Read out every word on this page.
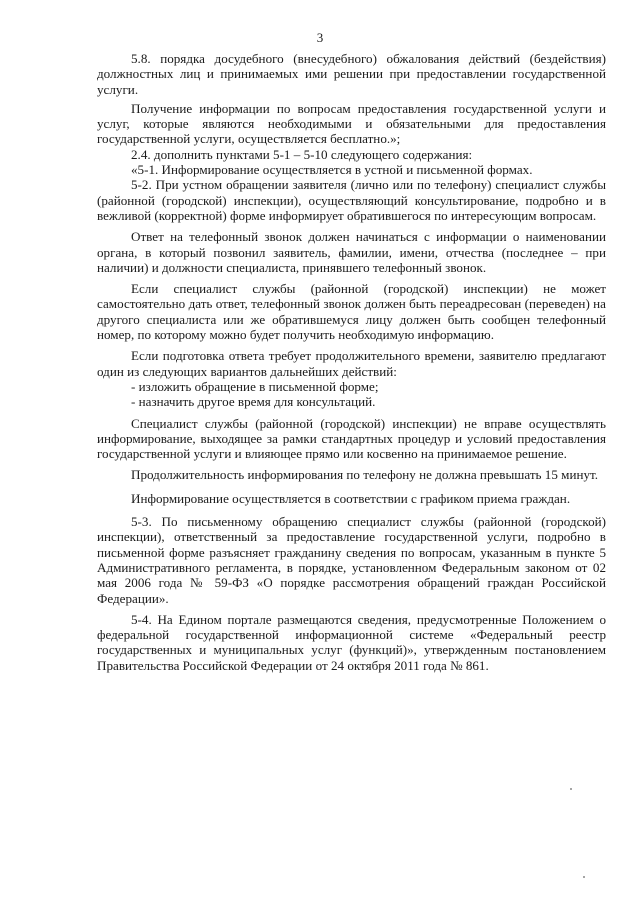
3

5.8. порядка досудебного (внесудебного) обжалования действий (бездействия) должностных лиц и принимаемых ими решении при предоставлении государственной услуги.

Получение информации по вопросам предоставления государственной услуги и услуг, которые являются необходимыми и обязательными для предоставления государственной услуги, осуществляется бесплатно.»;

2.4. дополнить пунктами 5-1 – 5-10 следующего содержания:

«5-1. Информирование осуществляется в устной и письменной формах.

5-2. При устном обращении заявителя (лично или по телефону) специалист службы (районной (городской) инспекции), осуществляющий консультирование, подробно и в вежливой (корректной) форме информирует обратившегося по интересующим вопросам.

Ответ на телефонный звонок должен начинаться с информации о наименовании органа, в который позвонил заявитель, фамилии, имени, отчества (последнее – при наличии) и должности специалиста, принявшего телефонный звонок.

Если специалист службы (районной (городской) инспекции) не может самостоятельно дать ответ, телефонный звонок должен быть переадресован (переведен) на другого специалиста или же обратившемуся лицу должен быть сообщен телефонный номер, по которому можно будет получить необходимую информацию.

Если подготовка ответа требует продолжительного времени, заявителю предлагают один из следующих вариантов дальнейших действий:

- изложить обращение в письменной форме;

- назначить другое время для консультаций.

Специалист службы (районной (городской) инспекции) не вправе осуществлять информирование, выходящее за рамки стандартных процедур и условий предоставления государственной услуги и влияющее прямо или косвенно на принимаемое решение.

Продолжительность информирования по телефону не должна превышать 15 минут.

Информирование осуществляется в соответствии с графиком приема граждан.

5-3. По письменному обращению специалист службы (районной (городской) инспекции), ответственный за предоставление государственной услуги, подробно в письменной форме разъясняет гражданину сведения по вопросам, указанным в пункте 5 Административного регламента, в порядке, установленном Федеральным законом от 02 мая 2006 года № 59-ФЗ «О порядке рассмотрения обращений граждан Российской Федерации».

5-4. На Едином портале размещаются сведения, предусмотренные Положением о федеральной государственной информационной системе «Федеральный реестр государственных и муниципальных услуг (функций)», утвержденным постановлением Правительства Российской Федерации от 24 октября 2011 года № 861.
